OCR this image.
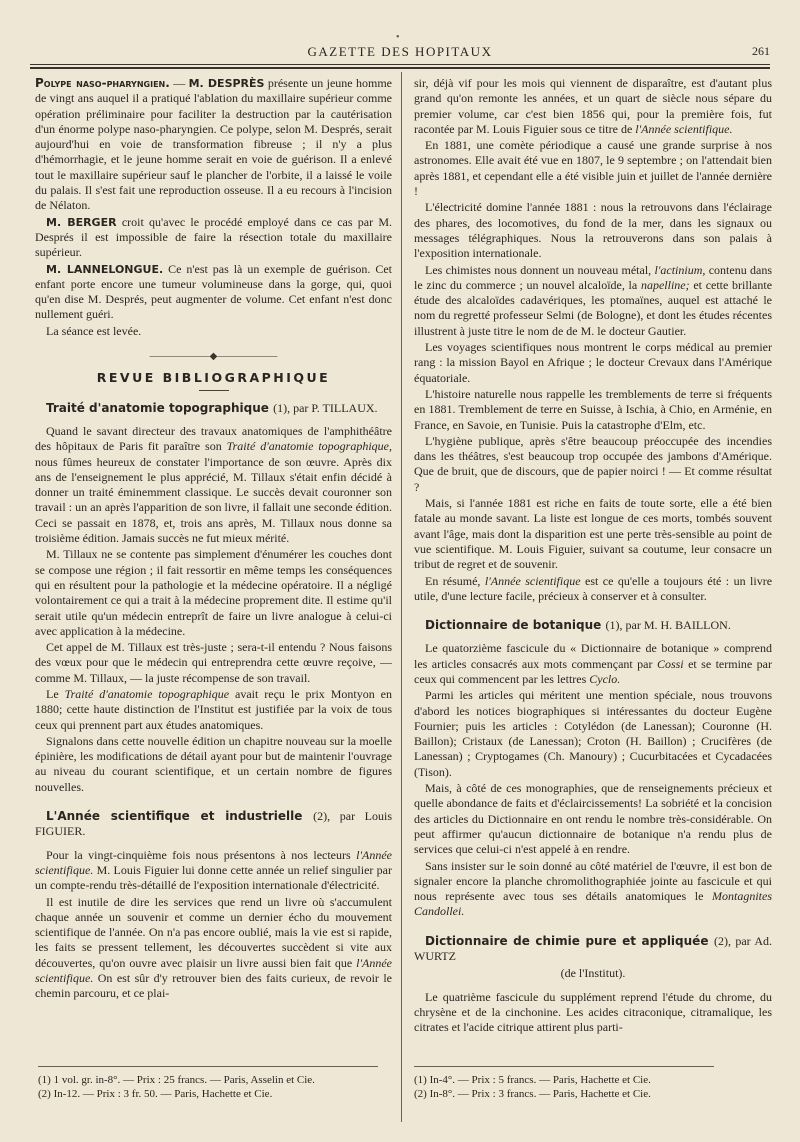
•
GAZETTE DES HOPITAUX	261

Polype naso-pharyngien. — M. DESPRÈS présente un jeune homme de vingt ans auquel il a pratiqué l'ablation du maxillaire supérieur comme opération préliminaire pour faciliter la destruction par la cautérisation d'un énorme polype naso-pharyngien. Ce polype, selon M. Després, serait aujourd'hui en voie de transformation fibreuse ; il n'y a plus d'hémorrhagie, et le jeune homme serait en voie de guérison. Il a enlevé tout le maxillaire supérieur sauf le plancher de l'orbite, il a laissé le voile du palais. Il s'est fait une reproduction osseuse. Il a eu recours à l'incision de Nélaton.

M. BERGER croit qu'avec le procédé employé dans ce cas par M. Després il est impossible de faire la résection totale du maxillaire supérieur.

M. LANNELONGUE. Ce n'est pas là un exemple de guérison. Cet enfant porte encore une tumeur volumineuse dans la gorge, qui, quoi qu'en dise M. Després, peut augmenter de volume. Cet enfant n'est donc nullement guéri.

La séance est levée.

——————◆——————
REVUE BIBLIOGRAPHIQUE
Traité d'anatomie topographique (1), par P. TILLAUX.

Quand le savant directeur des travaux anatomiques de l'amphithéâtre des hôpitaux de Paris fit paraître son Traité d'anatomie topographique, nous fûmes heureux de constater l'importance de son œuvre. Après dix ans de l'enseignement le plus apprécié, M. Tillaux s'était enfin décidé à donner un traité éminemment classique. Le succès devait couronner son travail : un an après l'apparition de son livre, il fallait une seconde édition. Ceci se passait en 1878, et, trois ans après, M. Tillaux nous donne sa troisième édition. Jamais succès ne fut mieux mérité.

M. Tillaux ne se contente pas simplement d'énumérer les couches dont se compose une région ; il fait ressortir en même temps les conséquences qui en résultent pour la pathologie et la médecine opératoire. Il a négligé volontairement ce qui a trait à la médecine proprement dite. Il estime qu'il serait utile qu'un médecin entreprît de faire un livre analogue à celui-ci avec application à la médecine.

Cet appel de M. Tillaux est très-juste ; sera-t-il entendu ? Nous faisons des vœux pour que le médecin qui entreprendra cette œuvre reçoive, — comme M. Tillaux, — la juste récompense de son travail.

Le Traité d'anatomie topographique avait reçu le prix Montyon en 1880; cette haute distinction de l'Institut est justifiée par la voix de tous ceux qui prennent part aux études anatomiques.

Signalons dans cette nouvelle édition un chapitre nouveau sur la moelle épinière, les modifications de détail ayant pour but de maintenir l'ouvrage au niveau du courant scientifique, et un certain nombre de figures nouvelles.

L'Année scientifique et industrielle (2), par Louis FIGUIER.

Pour la vingt-cinquième fois nous présentons à nos lecteurs l'Année scientifique. M. Louis Figuier lui donne cette année un relief singulier par un compte-rendu très-détaillé de l'exposition internationale d'électricité.

Il est inutile de dire les services que rend un livre où s'accumulent chaque année un souvenir et comme un dernier écho du mouvement scientifique de l'année. On n'a pas encore oublié, mais la vie est si rapide, les faits se pressent tellement, les découvertes succèdent si vite aux découvertes, qu'on ouvre avec plaisir un livre aussi bien fait que l'Année scientifique. On est sûr d'y retrouver bien des faits curieux, de revoir le chemin parcouru, et ce plai-

(1) 1 vol. gr. in-8°. — Prix : 25 francs. — Paris, Asselin et Cie.
(2) In-12. — Prix : 3 fr. 50. — Paris, Hachette et Cie.

sir, déjà vif pour les mois qui viennent de disparaître, est d'autant plus grand qu'on remonte les années, et un quart de siècle nous sépare du premier volume, car c'est bien 1856 qui, pour la première fois, fut racontée par M. Louis Figuier sous ce titre de l'Année scientifique.

En 1881, une comète périodique a causé une grande surprise à nos astronomes. Elle avait été vue en 1807, le 9 septembre ; on l'attendait bien après 1881, et cependant elle a été visible juin et juillet de l'année dernière !

L'électricité domine l'année 1881 : nous la retrouvons dans l'éclairage des phares, des locomotives, du fond de la mer, dans les signaux ou messages télégraphiques. Nous la retrouverons dans son palais à l'exposition internationale.

Les chimistes nous donnent un nouveau métal, l'actinium, contenu dans le zinc du commerce ; un nouvel alcaloïde, la napelline; et cette brillante étude des alcaloïdes cadavériques, les ptomaïnes, auquel est attaché le nom du regretté professeur Selmi (de Bologne), et dont les études récentes illustrent à juste titre le nom de de M. le docteur Gautier.

Les voyages scientifiques nous montrent le corps médical au premier rang : la mission Bayol en Afrique ; le docteur Crevaux dans l'Amérique équatoriale.

L'histoire naturelle nous rappelle les tremblements de terre si fréquents en 1881. Tremblement de terre en Suisse, à Ischia, à Chio, en Arménie, en France, en Savoie, en Tunisie. Puis la catastrophe d'Elm, etc.

L'hygiène publique, après s'être beaucoup préoccupée des incendies dans les théâtres, s'est beaucoup trop occupée des jambons d'Amérique. Que de bruit, que de discours, que de papier noirci ! — Et comme résultat ?

Mais, si l'année 1881 est riche en faits de toute sorte, elle a été bien fatale au monde savant. La liste est longue de ces morts, tombés souvent avant l'âge, mais dont la disparition est une perte très-sensible au point de vue scientifique. M. Louis Figuier, suivant sa coutume, leur consacre un tribut de regret et de souvenir.

En résumé, l'Année scientifique est ce qu'elle a toujours été : un livre utile, d'une lecture facile, précieux à conserver et à consulter.

Dictionnaire de botanique (1), par M. H. BAILLON.

Le quatorzième fascicule du « Dictionnaire de botanique » comprend les articles consacrés aux mots commençant par Cossi et se termine par ceux qui commencent par les lettres Cyclo.

Parmi les articles qui méritent une mention spéciale, nous trouvons d'abord les notices biographiques si intéressantes du docteur Eugène Fournier; puis les articles : Cotylédon (de Lanessan); Couronne (H. Baillon); Cristaux (de Lanessan); Croton (H. Baillon) ; Crucifères (de Lanessan) ; Cryptogames (Ch. Manoury) ; Cucurbitacées et Cycadacées (Tison).

Mais, à côté de ces monographies, que de renseignements précieux et quelle abondance de faits et d'éclaircissements! La sobriété et la concision des articles du Dictionnaire en ont rendu le nombre très-considérable. On peut affirmer qu'aucun dictionnaire de botanique n'a rendu plus de services que celui-ci n'est appelé à en rendre.

Sans insister sur le soin donné au côté matériel de l'œuvre, il est bon de signaler encore la planche chromolithographiée jointe au fascicule et qui nous représente avec tous ses détails anatomiques le Montagnites Candollei.

Dictionnaire de chimie pure et appliquée (2), par Ad. WURTZ
(de l'Institut).

Le quatrième fascicule du supplément reprend l'étude du chrome, du chrysène et de la cinchonine. Les acides citraconique, citramalique, les citrates et l'acide citrique attirent plus parti-

(1) In-4°. — Prix : 5 francs. — Paris, Hachette et Cie.
(2) In-8°. — Prix : 3 francs. — Paris, Hachette et Cie.
